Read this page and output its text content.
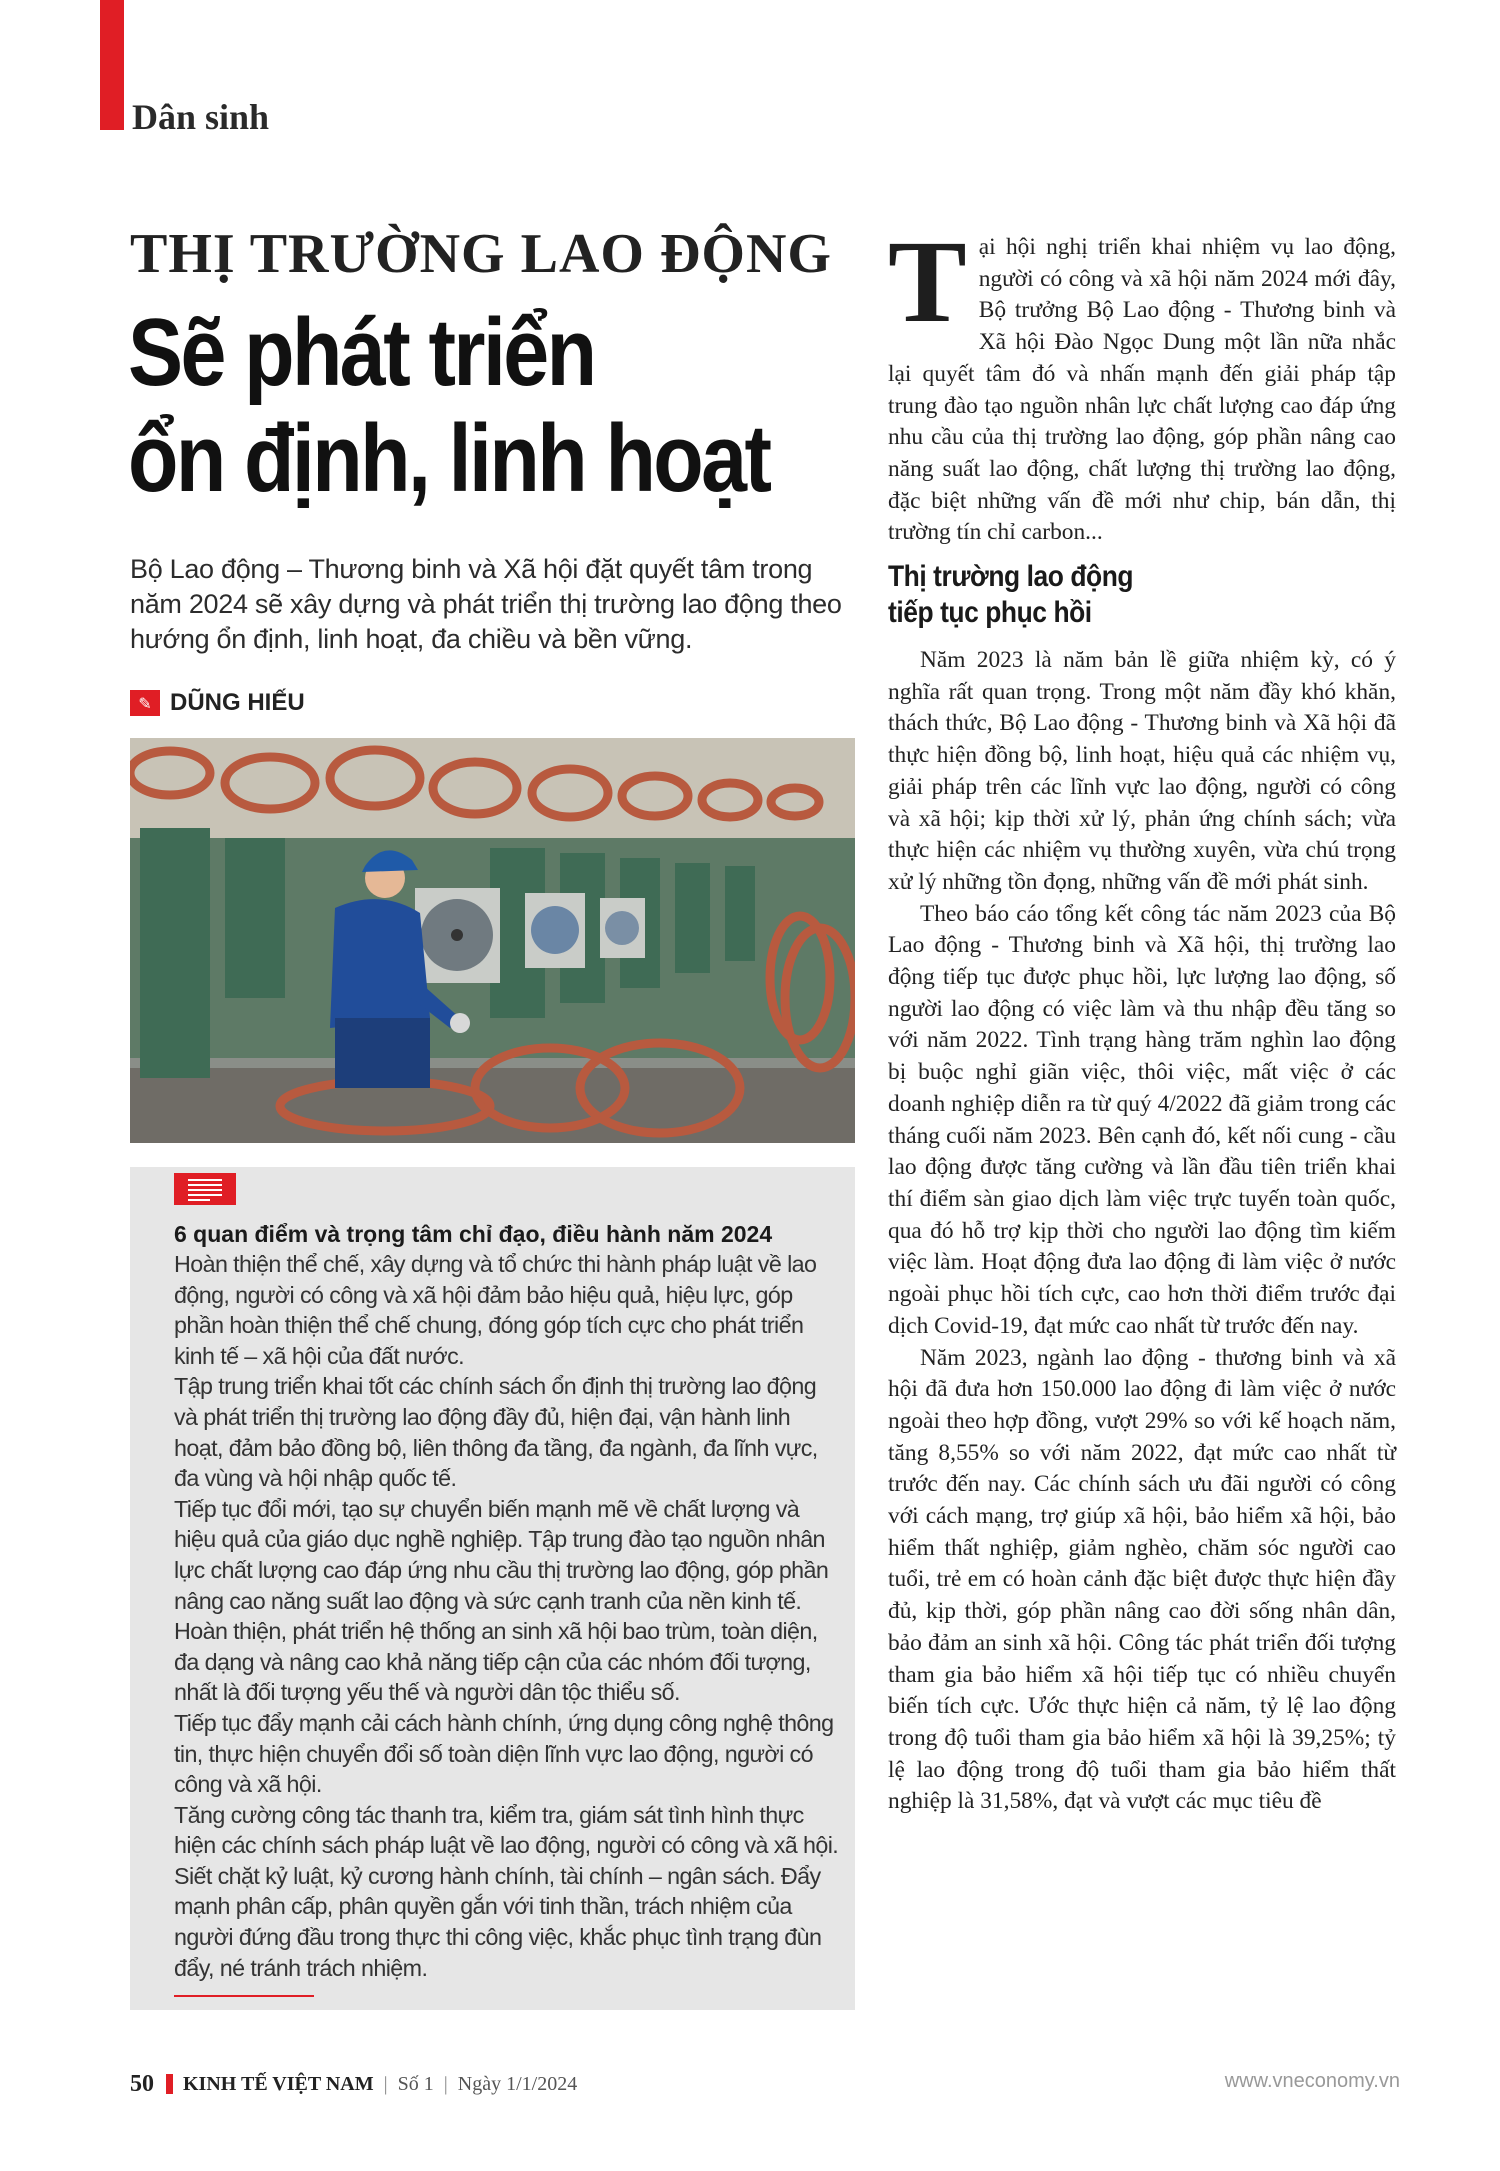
Dân sinh
THỊ TRƯỜNG LAO ĐỘNG
Sẽ phát triển
ổn định, linh hoạt
Bộ Lao động – Thương binh và Xã hội đặt quyết tâm trong năm 2024 sẽ xây dựng và phát triển thị trường lao động theo hướng ổn định, linh hoạt, đa chiều và bền vững.
✎ DŨNG HIẾU
6 quan điểm và trọng tâm chỉ đạo, điều hành năm 2024

Hoàn thiện thể chế, xây dựng và tổ chức thi hành pháp luật về lao động, người có công và xã hội đảm bảo hiệu quả, hiệu lực, góp phần hoàn thiện thể chế chung, đóng góp tích cực cho phát triển kinh tế – xã hội của đất nước.

Tập trung triển khai tốt các chính sách ổn định thị trường lao động và phát triển thị trường lao động đầy đủ, hiện đại, vận hành linh hoạt, đảm bảo đồng bộ, liên thông đa tầng, đa ngành, đa lĩnh vực, đa vùng và hội nhập quốc tế.

Tiếp tục đổi mới, tạo sự chuyển biến mạnh mẽ về chất lượng và hiệu quả của giáo dục nghề nghiệp. Tập trung đào tạo nguồn nhân lực chất lượng cao đáp ứng nhu cầu thị trường lao động, góp phần nâng cao năng suất lao động và sức cạnh tranh của nền kinh tế.

Hoàn thiện, phát triển hệ thống an sinh xã hội bao trùm, toàn diện, đa dạng và nâng cao khả năng tiếp cận của các nhóm đối tượng, nhất là đối tượng yếu thế và người dân tộc thiểu số.

Tiếp tục đẩy mạnh cải cách hành chính, ứng dụng công nghệ thông tin, thực hiện chuyển đổi số toàn diện lĩnh vực lao động, người có công và xã hội.

Tăng cường công tác thanh tra, kiểm tra, giám sát tình hình thực hiện các chính sách pháp luật về lao động, người có công và xã hội. Siết chặt kỷ luật, kỷ cương hành chính, tài chính – ngân sách. Đẩy mạnh phân cấp, phân quyền gắn với tinh thần, trách nhiệm của người đứng đầu trong thực thi công việc, khắc phục tình trạng đùn đẩy, né tránh trách nhiệm.

Tại hội nghị triển khai nhiệm vụ lao động, người có công và xã hội năm 2024 mới đây, Bộ trưởng Bộ Lao động - Thương binh và Xã hội Đào Ngọc Dung một lần nữa nhắc lại quyết tâm đó và nhấn mạnh đến giải pháp tập trung đào tạo nguồn nhân lực chất lượng cao đáp ứng nhu cầu của thị trường lao động, góp phần nâng cao năng suất lao động, chất lượng thị trường lao động, đặc biệt những vấn đề mới như chip, bán dẫn, thị trường tín chỉ carbon...

Thị trường lao động
tiếp tục phục hồi

Năm 2023 là năm bản lề giữa nhiệm kỳ, có ý nghĩa rất quan trọng. Trong một năm đầy khó khăn, thách thức, Bộ Lao động - Thương binh và Xã hội đã thực hiện đồng bộ, linh hoạt, hiệu quả các nhiệm vụ, giải pháp trên các lĩnh vực lao động, người có công và xã hội; kịp thời xử lý, phản ứng chính sách; vừa thực hiện các nhiệm vụ thường xuyên, vừa chú trọng xử lý những tồn đọng, những vấn đề mới phát sinh.

Theo báo cáo tổng kết công tác năm 2023 của Bộ Lao động - Thương binh và Xã hội, thị trường lao động tiếp tục được phục hồi, lực lượng lao động, số người lao động có việc làm và thu nhập đều tăng so với năm 2022. Tình trạng hàng trăm nghìn lao động bị buộc nghỉ giãn việc, thôi việc, mất việc ở các doanh nghiệp diễn ra từ quý 4/2022 đã giảm trong các tháng cuối năm 2023. Bên cạnh đó, kết nối cung - cầu lao động được tăng cường và lần đầu tiên triển khai thí điểm sàn giao dịch làm việc trực tuyến toàn quốc, qua đó hỗ trợ kịp thời cho người lao động tìm kiếm việc làm. Hoạt động đưa lao động đi làm việc ở nước ngoài phục hồi tích cực, cao hơn thời điểm trước đại dịch Covid-19, đạt mức cao nhất từ trước đến nay.

Năm 2023, ngành lao động - thương binh và xã hội đã đưa hơn 150.000 lao động đi làm việc ở nước ngoài theo hợp đồng, vượt 29% so với kế hoạch năm, tăng 8,55% so với năm 2022, đạt mức cao nhất từ trước đến nay. Các chính sách ưu đãi người có công với cách mạng, trợ giúp xã hội, bảo hiểm xã hội, bảo hiểm thất nghiệp, giảm nghèo, chăm sóc người cao tuổi, trẻ em có hoàn cảnh đặc biệt được thực hiện đầy đủ, kịp thời, góp phần nâng cao đời sống nhân dân, bảo đảm an sinh xã hội. Công tác phát triển đối tượng tham gia bảo hiểm xã hội tiếp tục có nhiều chuyển biến tích cực. Ước thực hiện cả năm, tỷ lệ lao động trong độ tuổi tham gia bảo hiểm xã hội là 39,25%; tỷ lệ lao động trong độ tuổi tham gia bảo hiểm thất nghiệp là 31,58%, đạt và vượt các mục tiêu đề

50 KINH TẾ VIỆT NAM | Số 1 | Ngày 1/1/2024	www.vneconomy.vn
